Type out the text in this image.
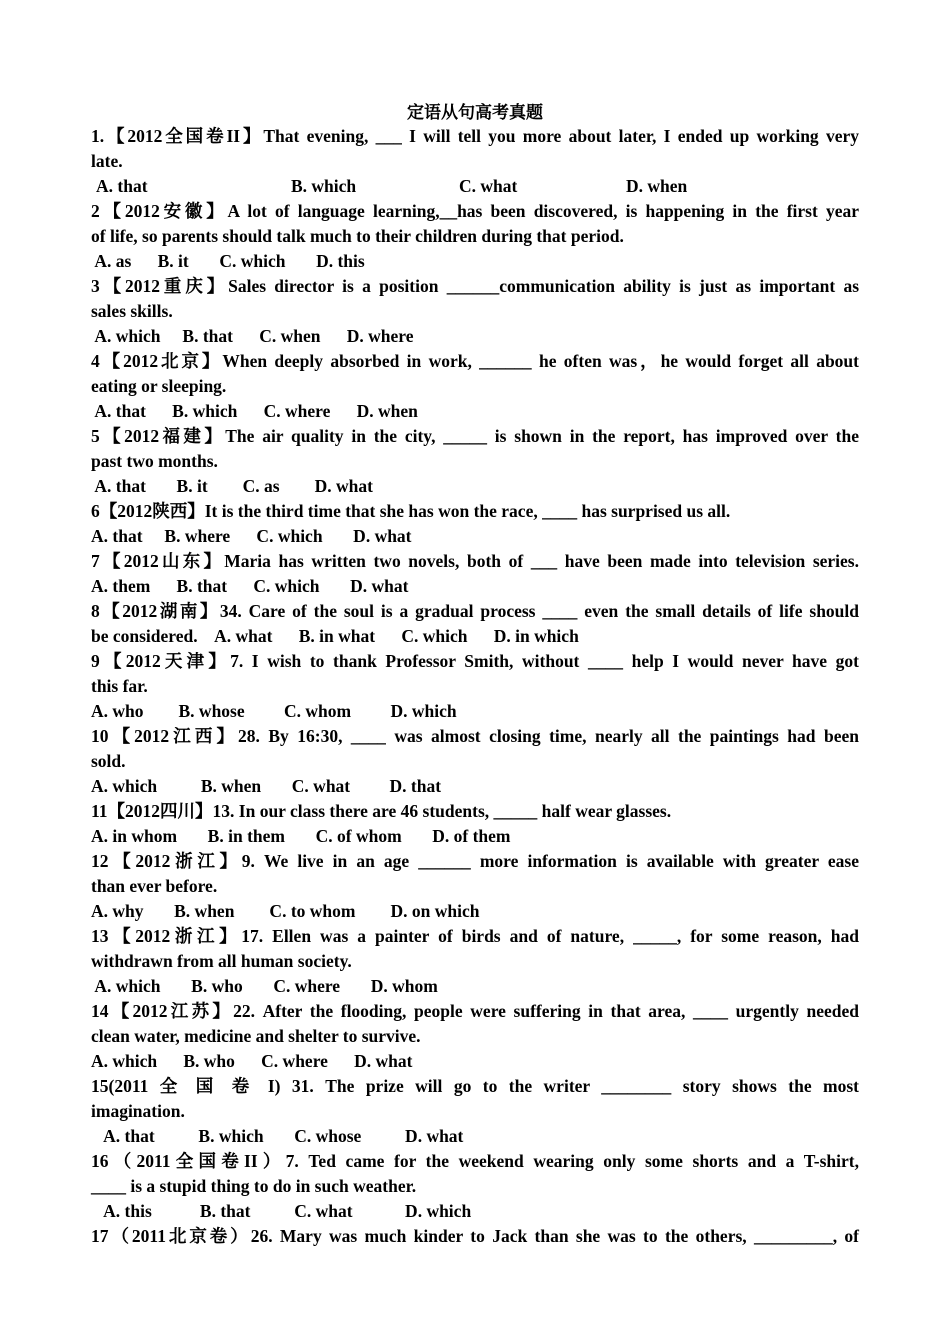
定语从句高考真题
1.【2012全国卷II】That evening, ___ I will tell you more about later, I ended up working very
late.
A. that	B. which	C. what	D. when
2【2012安徽】A lot of language learning,__has been discovered, is happening in the first year
of life, so parents should talk much to their children during that period.
A. as      B. it       C. which       D. this
3【2012重庆】Sales director is a position ______communication ability is just as important as
sales skills.
A. which     B. that      C. when      D. where
4【2012北京】When deeply absorbed in work, ______ he often was，he would forget all about
eating or sleeping.
A. that      B. which      C. where      D. when
5【2012福建】The air quality in the city, _____ is shown in the report, has improved over the
past two months.
A. that       B. it        C. as        D. what
6【2012陕西】It is the third time that she has won the race, ____ has surprised us all.
A. that     B. where      C. which       D. what
7【2012山东】Maria has written two novels, both of ___ have been made into television series.
A. them      B. that      C. which       D. what
8【2012湖南】34. Care of the soul is a gradual process ____ even the small details of life should
be considered.    A. what      B. in what      C. which      D. in which
9【2012天津】7. I wish to thank Professor Smith, without ____ help I would never have got
this far.
A. who        B. whose         C. whom         D. which
10【2012江西】28. By 16:30, ____ was almost closing time, nearly all the paintings had been
sold.
A. which          B. when       C. what         D. that
11【2012四川】13. In our class there are 46 students, _____ half wear glasses.
A. in whom       B. in them       C. of whom       D. of them
12【2012浙江】9. We live in an age ______ more information is available with greater ease
than ever before.
A. why       B. when        C. to whom        D. on which
13【2012浙江】17. Ellen was a painter of birds and of nature, _____, for some reason, had
withdrawn from all human society.
A. which       B. who       C. where       D. whom
14【2012江苏】22. After the flooding, people were suffering in that area, ____ urgently needed
clean water, medicine and shelter to survive.
A. which      B. who      C. where      D. what
15(2011 全 国 卷 I) 31. The prize will go to the writer ________ story shows the most
imagination.
A. that          B. which       C. whose          D. what
16（2011全国卷II）7. Ted came for the weekend wearing only some shorts and a T-shirt,
____ is a stupid thing to do in such weather.
A. this           B. that          C. what            D. which
17（2011北京卷）26. Mary was much kinder to Jack than she was to the others, _________, of
